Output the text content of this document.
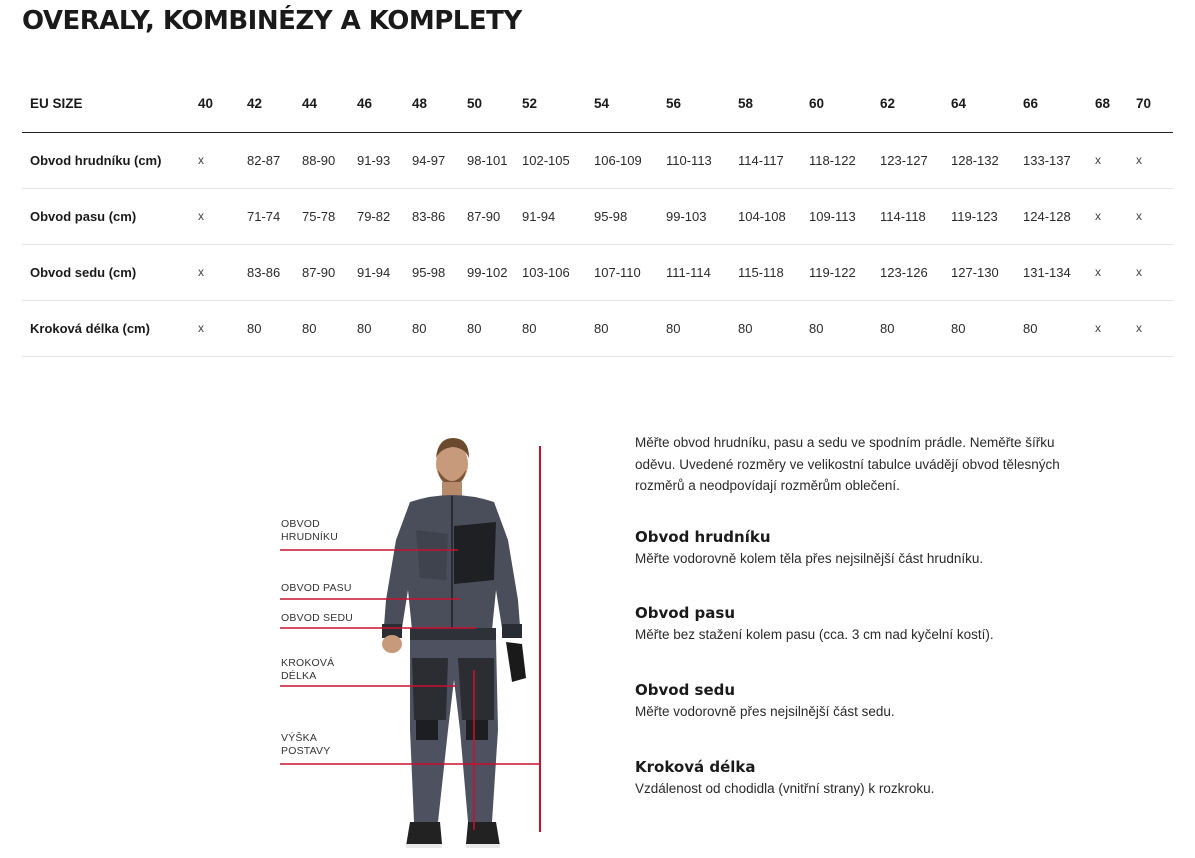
OVERALY, KOMBINÉZY A KOMPLETY
EU SIZE	40	42	44	46	48	50	52	54	56	58	60	62	64	66	68	70
Obvod hrudníku (cm)	x	82-87	88-90	91-93	94-97	98-101	102-105	106-109	110-113	114-117	118-122	123-127	128-132	133-137	x	x
Obvod pasu (cm)	x	71-74	75-78	79-82	83-86	87-90	91-94	95-98	99-103	104-108	109-113	114-118	119-123	124-128	x	x
Obvod sedu (cm)	x	83-86	87-90	91-94	95-98	99-102	103-106	107-110	111-114	115-118	119-122	123-126	127-130	131-134	x	x
Kroková délka (cm)	x	80	80	80	80	80	80	80	80	80	80	80	80	80	x	x
OBVOD
HRUDNÍKU
OBVOD PASU
OBVOD SEDU
KROKOVÁ
DÉLKA
VÝŠKA
POSTAVY

Měřte obvod hrudníku, pasu a sedu ve spodním prádle. Neměřte šířku oděvu. Uvedené rozměry ve velikostní tabulce uvádějí obvod tělesných rozměrů a neodpovídají rozměrům oblečení.

Obvod hrudníku

Měřte vodorovně kolem těla přes nejsilnější část hrudníku.

Obvod pasu

Měřte bez stažení kolem pasu (cca. 3 cm nad kyčelní kostí).

Obvod sedu

Měřte vodorovně přes nejsilnější část sedu.

Kroková délka

Vzdálenost od chodidla (vnitřní strany) k rozkroku.
